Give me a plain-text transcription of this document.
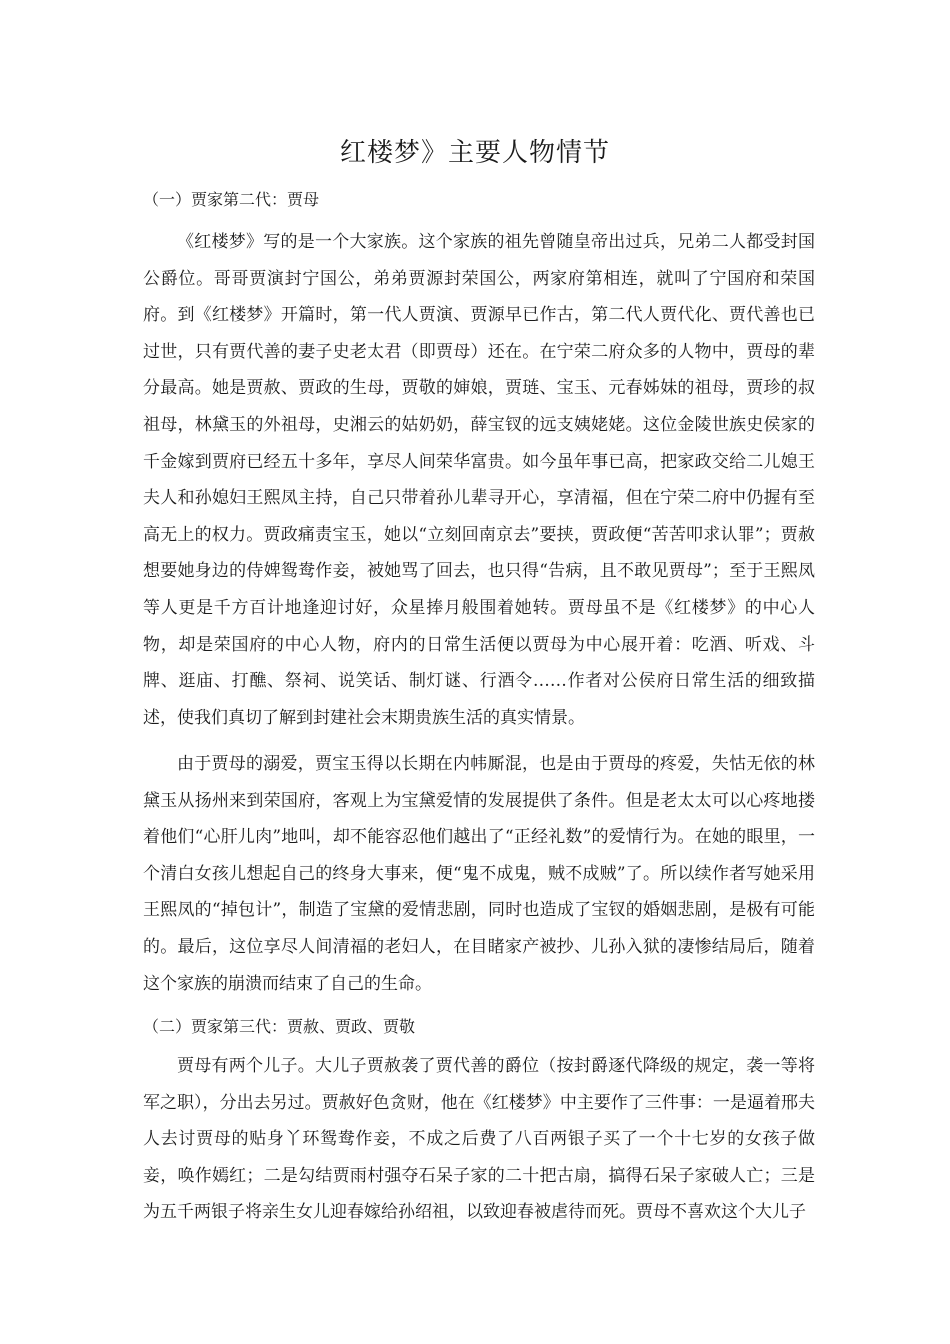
红楼梦》主要人物情节
（一）贾家第二代：贾母

《红楼梦》写的是一个大家族。这个家族的祖先曾随皇帝出过兵，兄弟二人都受封国公爵位。哥哥贾演封宁国公，弟弟贾源封荣国公，两家府第相连，就叫了宁国府和荣国府。到《红楼梦》开篇时，第一代人贾演、贾源早已作古，第二代人贾代化、贾代善也已过世，只有贾代善的妻子史老太君（即贾母）还在。在宁荣二府众多的人物中，贾母的辈分最高。她是贾赦、贾政的生母，贾敬的婶娘，贾琏、宝玉、元春姊妹的祖母，贾珍的叔祖母，林黛玉的外祖母，史湘云的姑奶奶，薛宝钗的远支姨姥姥。这位金陵世族史侯家的千金嫁到贾府已经五十多年，享尽人间荣华富贵。如今虽年事已高，把家政交给二儿媳王夫人和孙媳妇王熙凤主持，自己只带着孙儿辈寻开心，享清福，但在宁荣二府中仍握有至高无上的权力。贾政痛责宝玉，她以“立刻回南京去”要挟，贾政便“苦苦叩求认罪”；贾赦想要她身边的侍婢鸳鸯作妾，被她骂了回去，也只得“告病，且不敢见贾母”；至于王熙凤等人更是千方百计地逢迎讨好，众星捧月般围着她转。贾母虽不是《红楼梦》的中心人物，却是荣国府的中心人物，府内的日常生活便以贾母为中心展开着：吃酒、听戏、斗牌、逛庙、打醮、祭祠、说笑话、制灯谜、行酒令……作者对公侯府日常生活的细致描述，使我们真切了解到封建社会末期贵族生活的真实情景。

由于贾母的溺爱，贾宝玉得以长期在内帏厮混，也是由于贾母的疼爱，失怙无依的林黛玉从扬州来到荣国府，客观上为宝黛爱情的发展提供了条件。但是老太太可以心疼地搂着他们“心肝儿肉”地叫，却不能容忍他们越出了“正经礼数”的爱情行为。在她的眼里，一个清白女孩儿想起自己的终身大事来，便“鬼不成鬼，贼不成贼”了。所以续作者写她采用王熙凤的“掉包计”，制造了宝黛的爱情悲剧，同时也造成了宝钗的婚姻悲剧，是极有可能的。最后，这位享尽人间清福的老妇人，在目睹家产被抄、儿孙入狱的凄惨结局后，随着这个家族的崩溃而结束了自己的生命。

（二）贾家第三代：贾赦、贾政、贾敬

贾母有两个儿子。大儿子贾赦袭了贾代善的爵位（按封爵逐代降级的规定，袭一等将军之职），分出去另过。贾赦好色贪财，他在《红楼梦》中主要作了三件事：一是逼着邢夫人去讨贾母的贴身丫环鸳鸯作妾，不成之后费了八百两银子买了一个十七岁的女孩子做妾，唤作嫣红；二是勾结贾雨村强夺石呆子家的二十把古扇，搞得石呆子家破人亡；三是为五千两银子将亲生女儿迎春嫁给孙绍祖，以致迎春被虐待而死。贾母不喜欢这个大儿子
